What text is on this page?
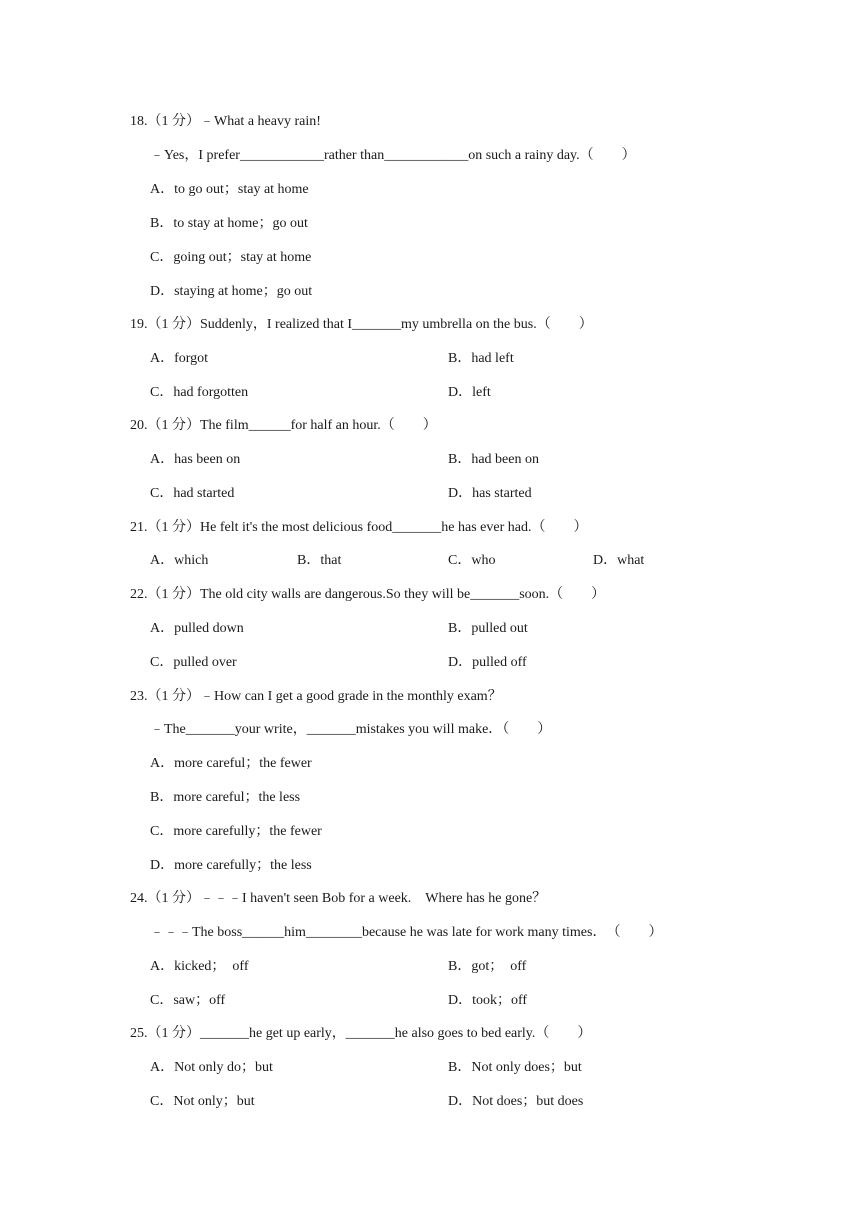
18.（1 分）﹣What a heavy rain!
﹣Yes，I prefer____________rather than____________on such a rainy day.（　　）
A．to go out；stay at home
B．to stay at home；go out
C．going out；stay at home
D．staying at home；go out
19.（1 分）Suddenly，I realized that I_______my umbrella on the bus.（　　）
A．forgot	B．had left
C．had forgotten	D．left
20.（1 分）The film______for half an hour.（　　）
A．has been on	B．had been on
C．had started	D．has started
21.（1 分）He felt it's the most delicious food_______he has ever had.（　　）
A．which	B．that	C．who	D．what
22.（1 分）The old city walls are dangerous.So they will be_______soon.（　　）
A．pulled down	B．pulled out
C．pulled over	D．pulled off
23.（1 分）﹣How can I get a good grade in the monthly exam？
﹣The_______your write，_______mistakes you will make．（　　）
A．more careful；the fewer
B．more careful；the less
C．more carefully；the fewer
D．more carefully；the less
24.（1 分）﹣﹣﹣I haven't seen Bob for a week.　Where has he gone？
﹣﹣﹣The boss______him________because he was late for work many times．　（　　）
A．kicked；　off	B．got；　off
C．saw；off	D．took；off
25.（1 分）_______he get up early，_______he also goes to bed early.（　　）
A．Not only do；but	B．Not only does；but
C．Not only；but	D．Not does；but does
